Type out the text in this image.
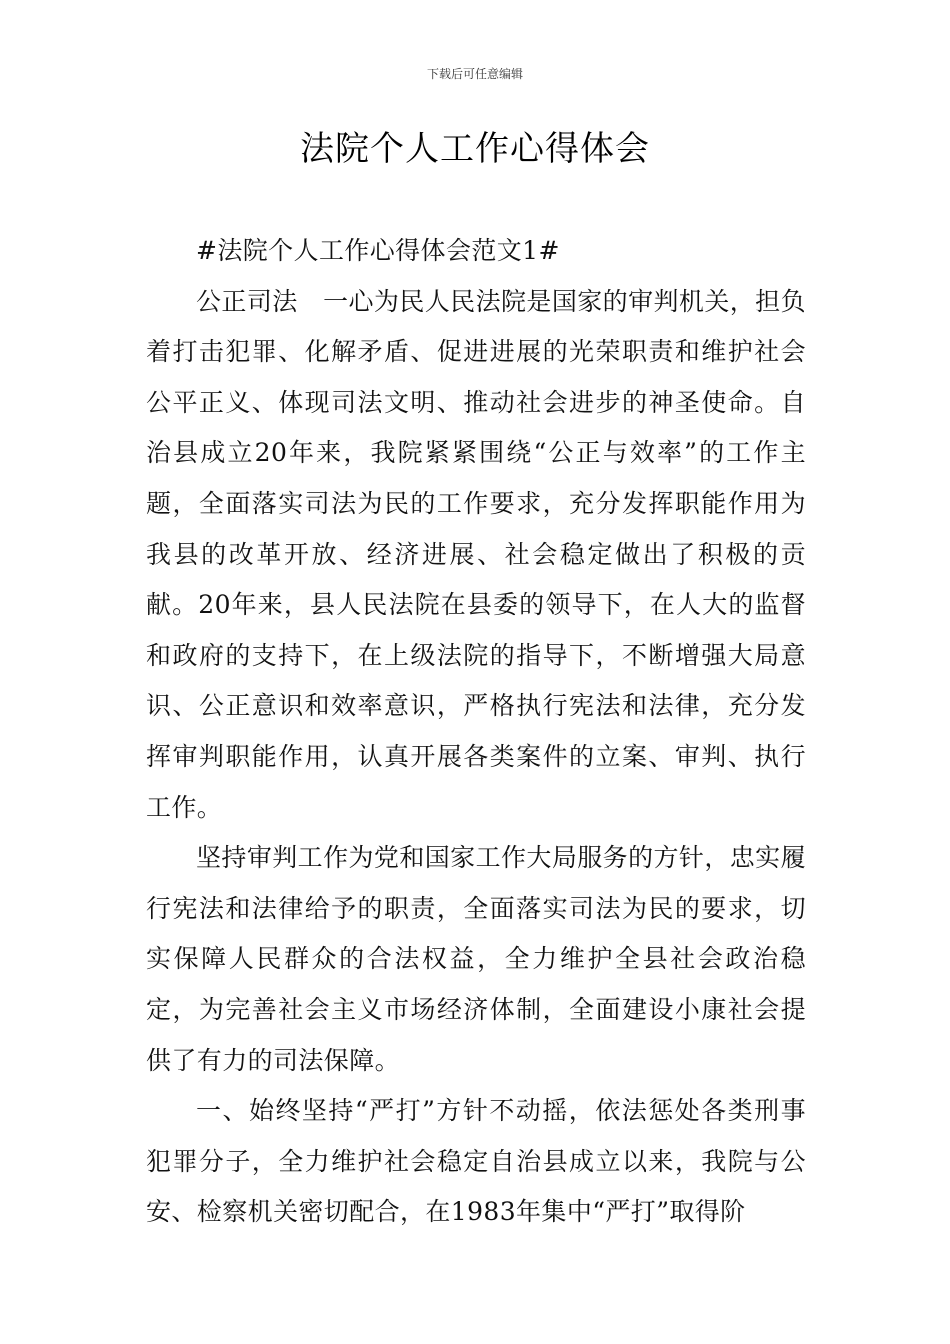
下载后可任意编辑
法院个人工作心得体会

#法院个人工作心得体会范文1#

公正司法　一心为民人民法院是国家的审判机关，担负着打击犯罪、化解矛盾、促进进展的光荣职责和维护社会公平正义、体现司法文明、推动社会进步的神圣使命。自治县成立20年来，我院紧紧围绕“公正与效率”的工作主题，全面落实司法为民的工作要求，充分发挥职能作用为我县的改革开放、经济进展、社会稳定做出了积极的贡献。20年来，县人民法院在县委的领导下，在人大的监督和政府的支持下，在上级法院的指导下，不断增强大局意识、公正意识和效率意识，严格执行宪法和法律，充分发挥审判职能作用，认真开展各类案件的立案、审判、执行工作。

坚持审判工作为党和国家工作大局服务的方针，忠实履行宪法和法律给予的职责，全面落实司法为民的要求，切实保障人民群众的合法权益，全力维护全县社会政治稳定，为完善社会主义市场经济体制，全面建设小康社会提供了有力的司法保障。

一、始终坚持“严打”方针不动摇，依法惩处各类刑事犯罪分子，全力维护社会稳定自治县成立以来，我院与公安、检察机关密切配合，在1983年集中“严打”取得阶
